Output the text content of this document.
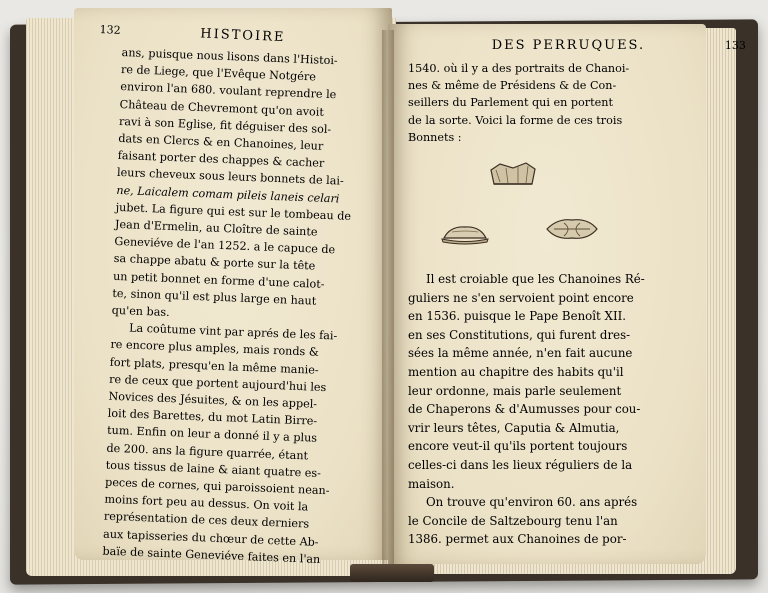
132	HISTOIRE
DES PERRUQUES.	133
ans, puisque nous lisons dans l'Histoi-
re de Liege, que l'Evêque Notgére
environ l'an 680. voulant reprendre le
Château de Chevremont qu'on avoit
ravi à son Eglise, fit déguiser des sol-
dats en Clercs & en Chanoines, leur
faisant porter des chappes & cacher
leurs cheveux sous leurs bonnets de lai-
ne, Laicalem comam pileis laneis celari
jubet. La figure qui est sur le tombeau de
Jean d'Ermelin, au Cloître de sainte
Geneviéve de l'an 1252. a le capuce de
sa chappe abatu & porte sur la tête
un petit bonnet en forme d'une calot-
te, sinon qu'il est plus large en haut
qu'en bas.
La coûtume vint par aprés de les fai-
re encore plus amples, mais ronds &
fort plats, presqu'en la même manie-
re de ceux que portent aujourd'hui les
Novices des Jésuites, & on les appel-
loit des Barettes, du mot Latin Birre-
tum. Enfin on leur a donné il y a plus
de 200. ans la figure quarrée, étant
tous tissus de laine & aiant quatre es-
peces de cornes, qui paroissoient nean-
moins fort peu au dessus. On voit la
représentation de ces deux derniers
aux tapisseries du chœur de cette Ab-
baïe de sainte Geneviéve faites en l'an
1540. où il y a des portraits de Chanoi-
nes & même de Présidens & de Con-
seillers du Parlement qui en portent
de la sorte. Voici la forme de ces trois
Bonnets :
Il est croiable que les Chanoines Ré-
guliers ne s'en servoient point encore
en 1536. puisque le Pape Benoît XII.
en ses Constitutions, qui furent dres-
sées la même année, n'en fait aucune
mention au chapitre des habits qu'il
leur ordonne, mais parle seulement
de Chaperons & d'Aumusses pour cou-
vrir leurs têtes, Caputia & Almutia,
encore veut-il qu'ils portent toujours
celles-ci dans les lieux réguliers de la
maison.
On trouve qu'environ 60. ans aprés
le Concile de Saltzebourg tenu l'an
1386. permet aux Chanoines de por-
